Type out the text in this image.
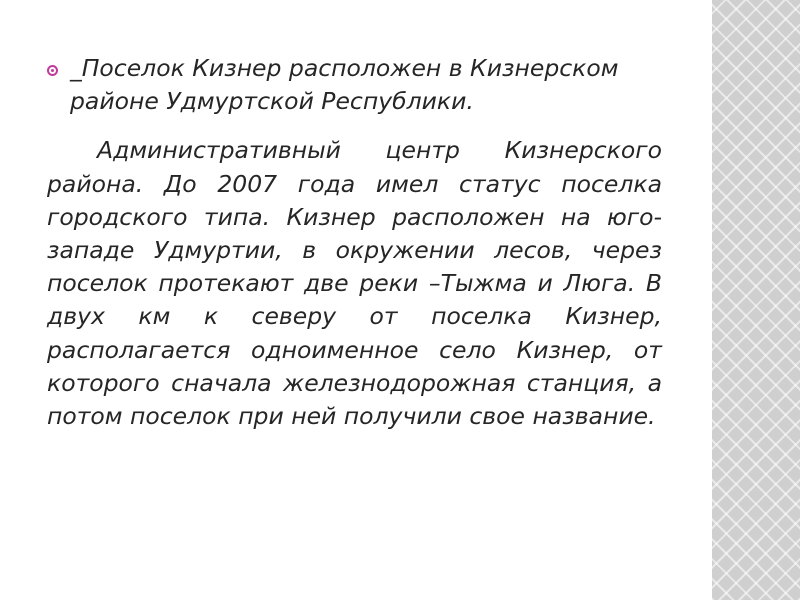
_Поселок Кизнер расположен в Кизнерском районе Удмуртской Республики.

Административный центр Кизнерского района. До 2007 года имел статус поселка городского типа. Кизнер расположен на юго-западе Удмуртии, в окружении лесов, через поселок протекают две реки –Тыжма и Люга. В двух км к северу от поселка Кизнер, располагается одноименное село Кизнер, от которого сначала железнодорожная станция, а потом поселок при ней получили свое название.
